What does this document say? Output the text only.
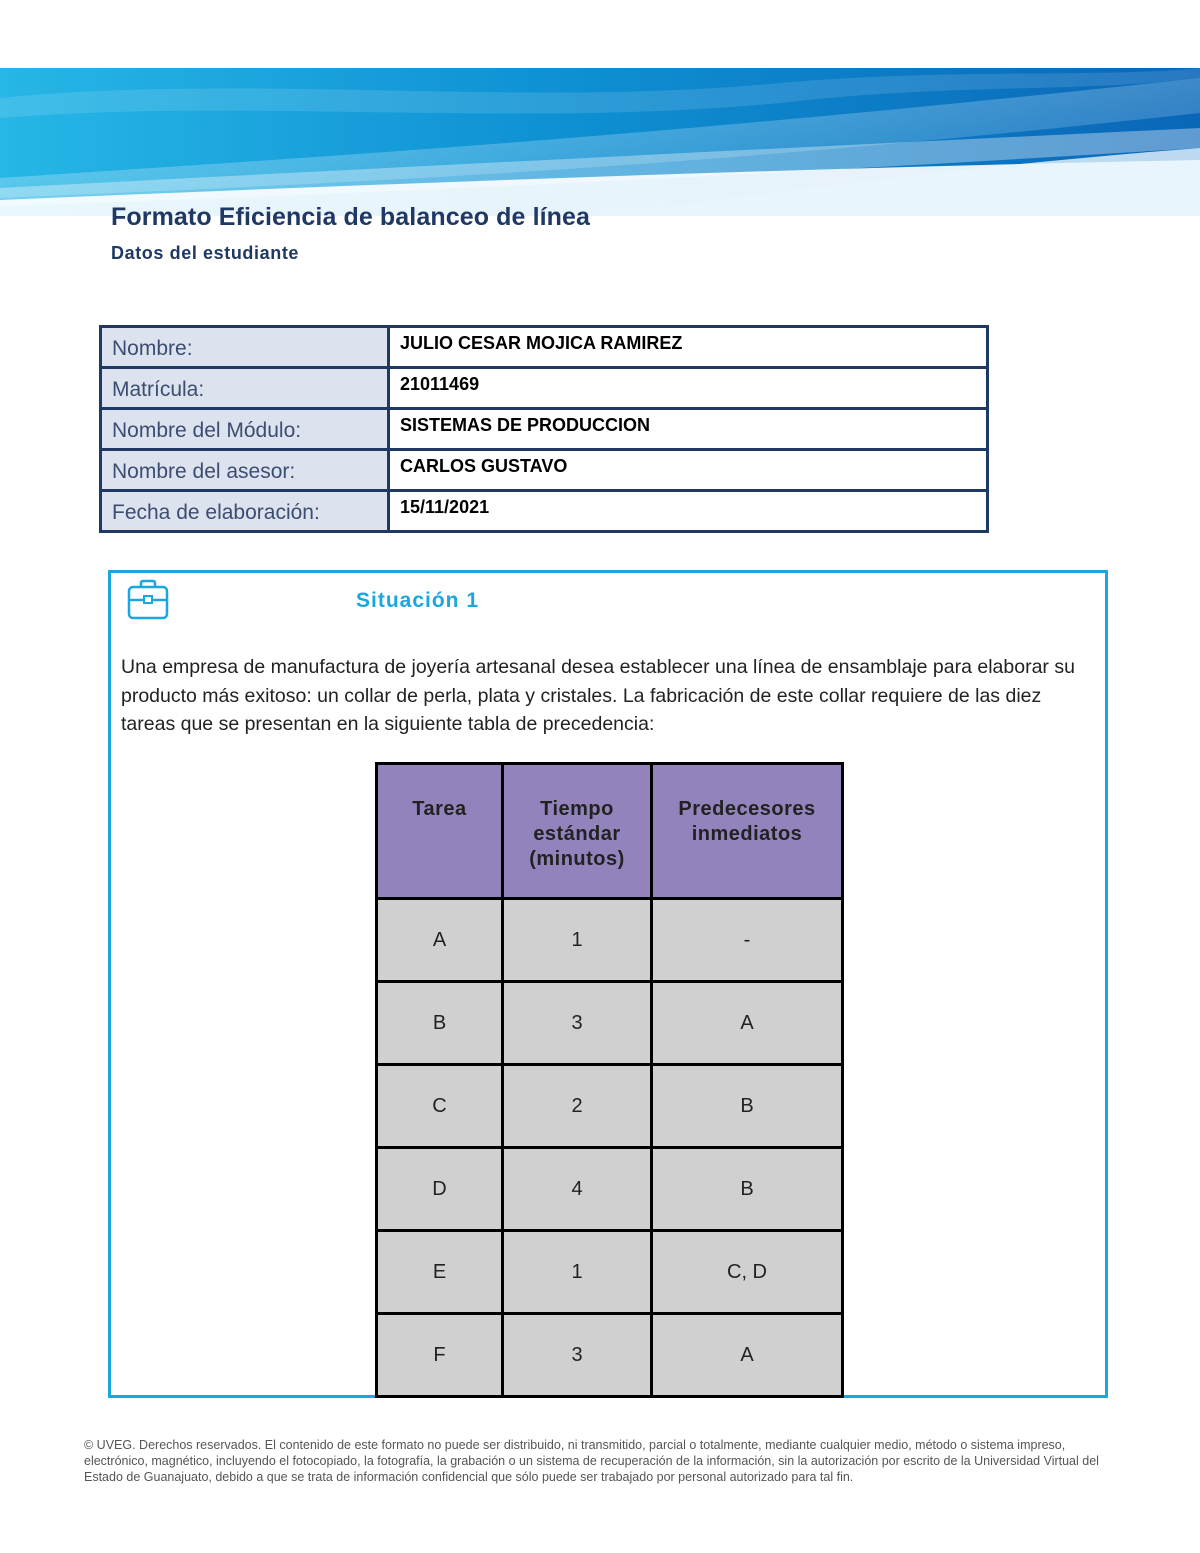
Formato Eficiencia de balanceo de línea
Datos del estudiante
Nombre:	JULIO CESAR MOJICA RAMIREZ
Matrícula:	21011469
Nombre del Módulo:	SISTEMAS DE PRODUCCION
Nombre del asesor:	CARLOS GUSTAVO
Fecha de elaboración:	15/11/2021
Situación 1
Una empresa de manufactura de joyería artesanal desea establecer una línea de ensamblaje para elaborar su producto más exitoso: un collar de perla, plata y cristales. La fabricación de este collar requiere de las diez tareas que se presentan en la siguiente tabla de precedencia:
Tarea	Tiempo estándar (minutos)	Predecesores inmediatos
A	1	-
B	3	A
C	2	B
D	4	B
E	1	C, D
F	3	A
© UVEG. Derechos reservados. El contenido de este formato no puede ser distribuido, ni transmitido, parcial o totalmente, mediante cualquier medio, método o sistema impreso, electrónico, magnético, incluyendo el fotocopiado, la fotografía, la grabación o un sistema de recuperación de la información, sin la autorización por escrito de la Universidad Virtual del Estado de Guanajuato, debido a que se trata de información confidencial que sólo puede ser trabajado por personal autorizado para tal fin.
